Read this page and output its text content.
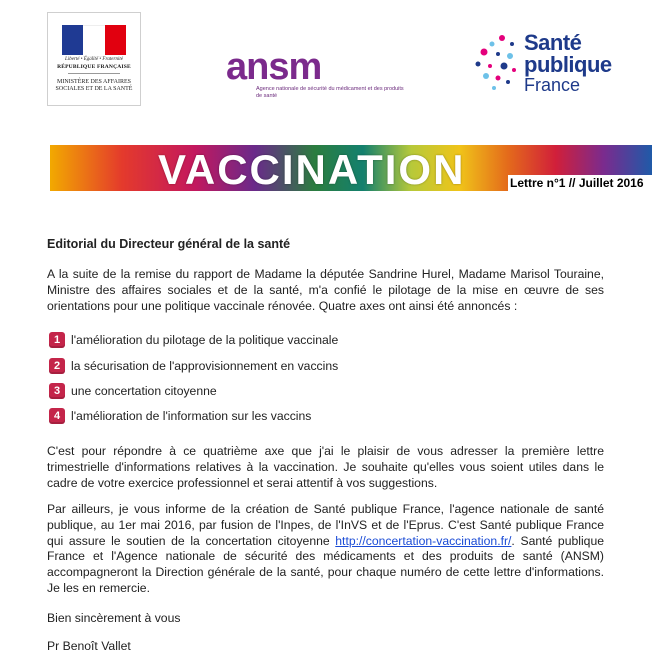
Liberté • Égalité • Fraternité
RÉPUBLIQUE FRANÇAISE
MINISTÈRE DES AFFAIRES SOCIALES ET DE LA SANTÉ
ansm
Agence nationale de sécurité du médicament et des produits de santé
Santé
publique
France
VACCINATION	Lettre n°1 // Juillet 2016
Editorial du Directeur général de la santé
A la suite de la remise du rapport de Madame la députée Sandrine Hurel, Madame Marisol Touraine, Ministre des affaires sociales et de la santé, m'a confié le pilotage de la mise en œuvre de ses orientations pour une politique vaccinale rénovée. Quatre axes ont ainsi été annoncés :
1 l'amélioration du pilotage de la politique vaccinale
2 la sécurisation de l'approvisionnement en vaccins
3 une concertation citoyenne
4 l'amélioration de l'information sur les vaccins
C'est pour répondre à ce quatrième axe que j'ai le plaisir de vous adresser la première lettre trimestrielle d'informations relatives à la vaccination. Je souhaite qu'elles vous soient utiles dans le cadre de votre exercice professionnel et serai attentif à vos suggestions.
Par ailleurs, je vous informe de la création de Santé publique France, l'agence nationale de santé publique, au 1er mai 2016, par fusion de l'Inpes, de l'InVS et de l'Eprus. C'est Santé publique France qui assure le soutien de la concertation citoyenne http://concertation-vaccination.fr/. Santé publique France et l'Agence nationale de sécurité des médicaments et des produits de santé (ANSM) accompagneront la Direction générale de la santé, pour chaque numéro de cette lettre d'informations. Je les en remercie.
Bien sincèrement à vous
Pr Benoît Vallet
